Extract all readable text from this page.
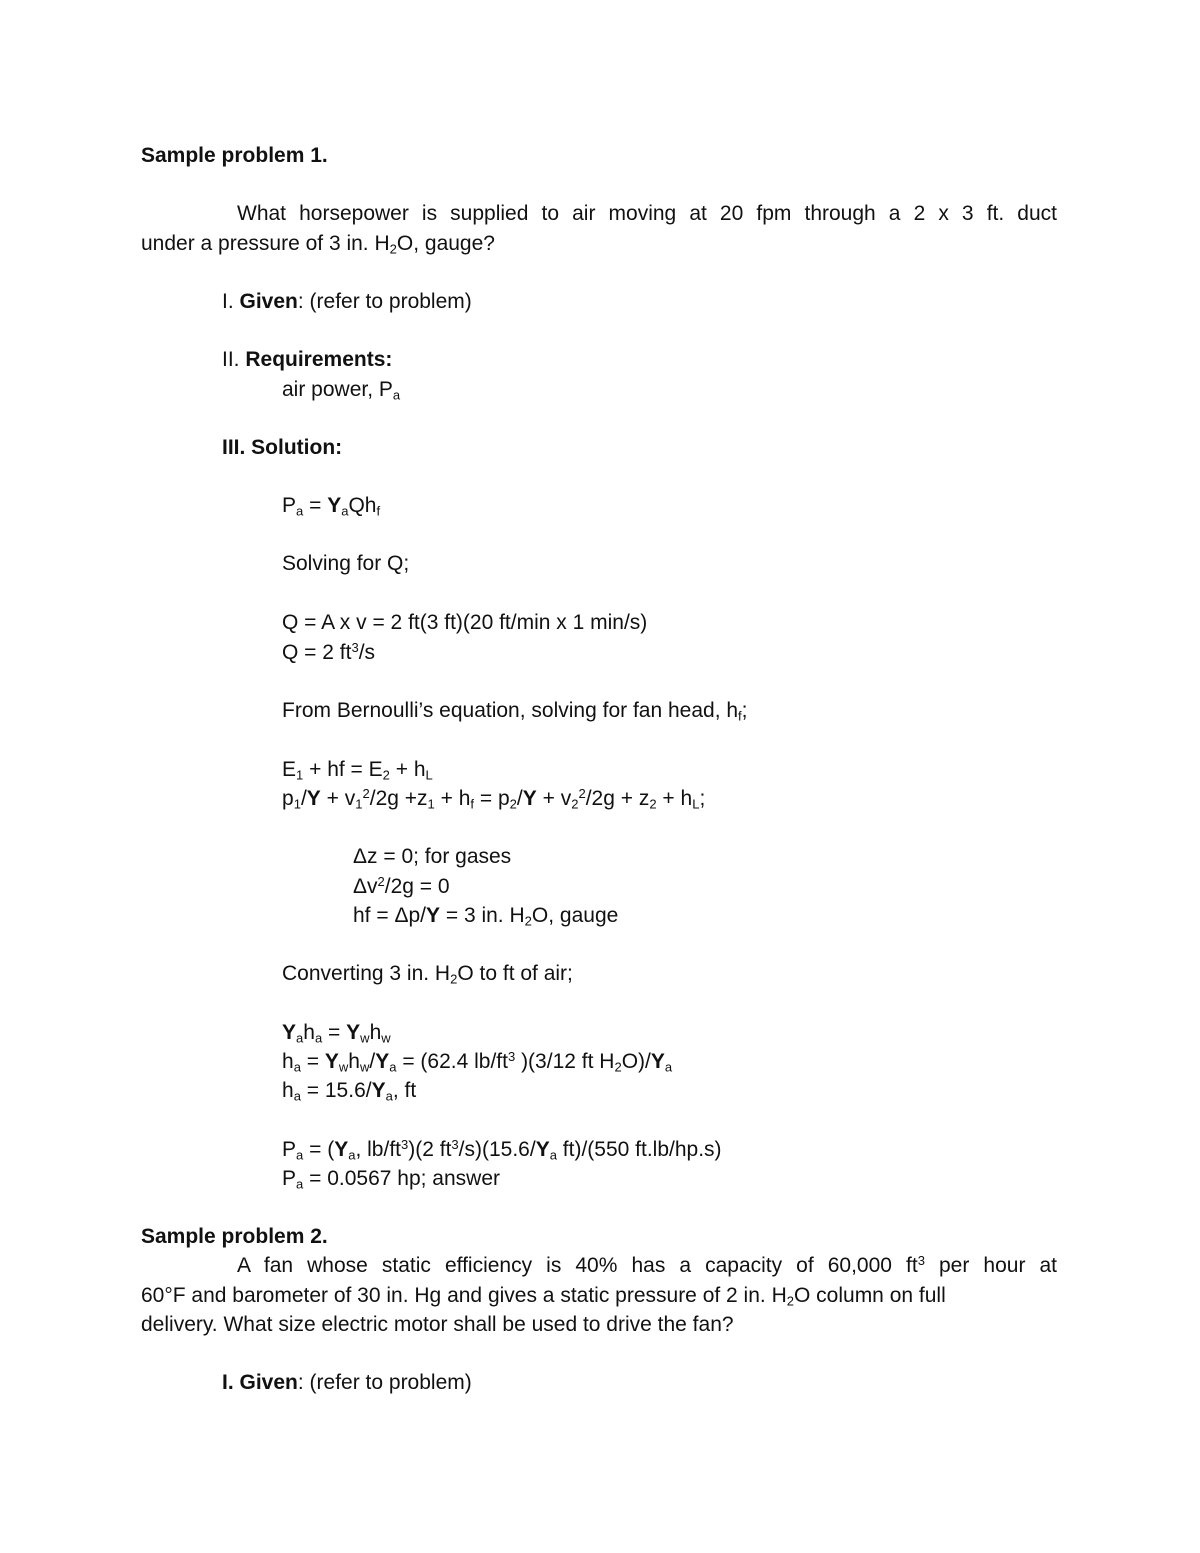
Sample problem 1.
What horsepower is supplied to air moving at 20 fpm through a 2 x 3 ft. duct
under a pressure of 3 in. $H_2O$, gauge?
I. Given: (refer to problem)
II. Requirements:
air power, $P_a$
III. Solution:
$P_a = Y_aQh_f$
Solving for Q;
Q = A x v = 2 ft(3 ft)(20 ft/min x 1 min/s)
Q = 2 $ft^3/s$
From Bernoulli’s equation, solving for fan head, $h_f$;
$E_1$ + hf = $E_2 + h_L$
$p_1/Y + v_1^2/2g +z_1 + h_f = p_2/Y + v_2^2/2g + z_2 + h_L$;
Δz = 0; for gases
$\Delta v^2/2g = 0$
hf = Δp/Y = 3 in. $H_2O$, gauge
Converting 3 in. $H_2O$ to ft of air;
$Y_ah_a = Y_wh_w$
$h_a = Y_wh_w/Y_a = (62.4$ $lb/ft^3$ )(3/12 ft $H_2O)/Y_a$
$h_a = 15.6/Y_a$, ft
$P_a = (Y_a$, $lb/ft^3)(2$ $ft^3/s)(15.6/Y_a$ ft)/(550 ft.lb/hp.s)
$P_a = 0.0567$ hp; answer
Sample problem 2.
A fan whose static efficiency is 40% has a capacity of 60,000 $ft^3$ per hour at
60°F and barometer of 30 in. Hg and gives a static pressure of 2 in. $H_2O$ column on full
delivery. What size electric motor shall be used to drive the fan?
I. Given: (refer to problem)
